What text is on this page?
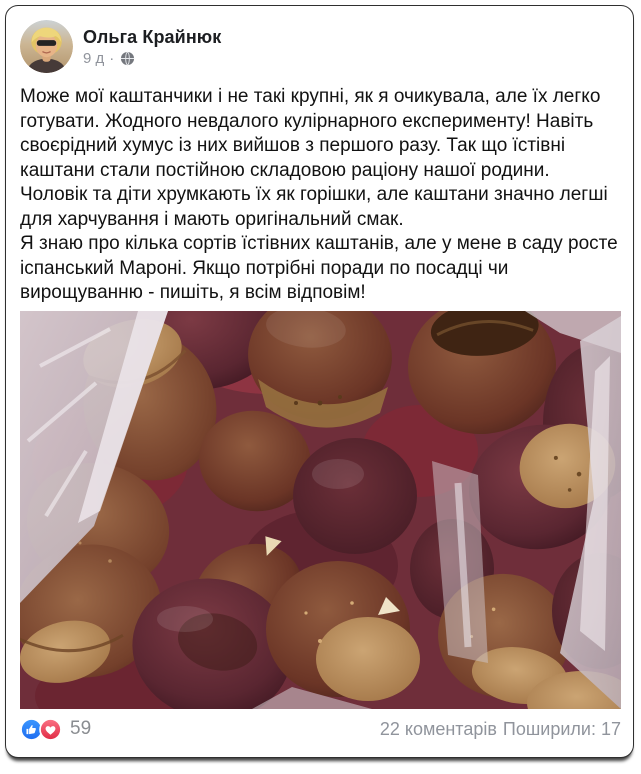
Ольга Крайнюк
9 д ·

Може мої каштанчики і не такі крупні, як я очикувала, але їх легко готувати. Жодного невдалого кулірнарного експерименту! Навіть своєрідний хумус із них вийшов з першого разу. Так що їстівні каштани стали постійною складовою раціону нашої родини. Чоловік та діти хрумкають їх як горішки, але каштани значно легші для харчування і мають оригінальний смак.

Я знаю про кілька сортів їстівних каштанів, але у мене в саду росте іспанський Мароні. Якщо потрібні поради по посадці чи вирощуванню - пишіть, я всім відповім!

59	22 коментарів Поширили: 17
